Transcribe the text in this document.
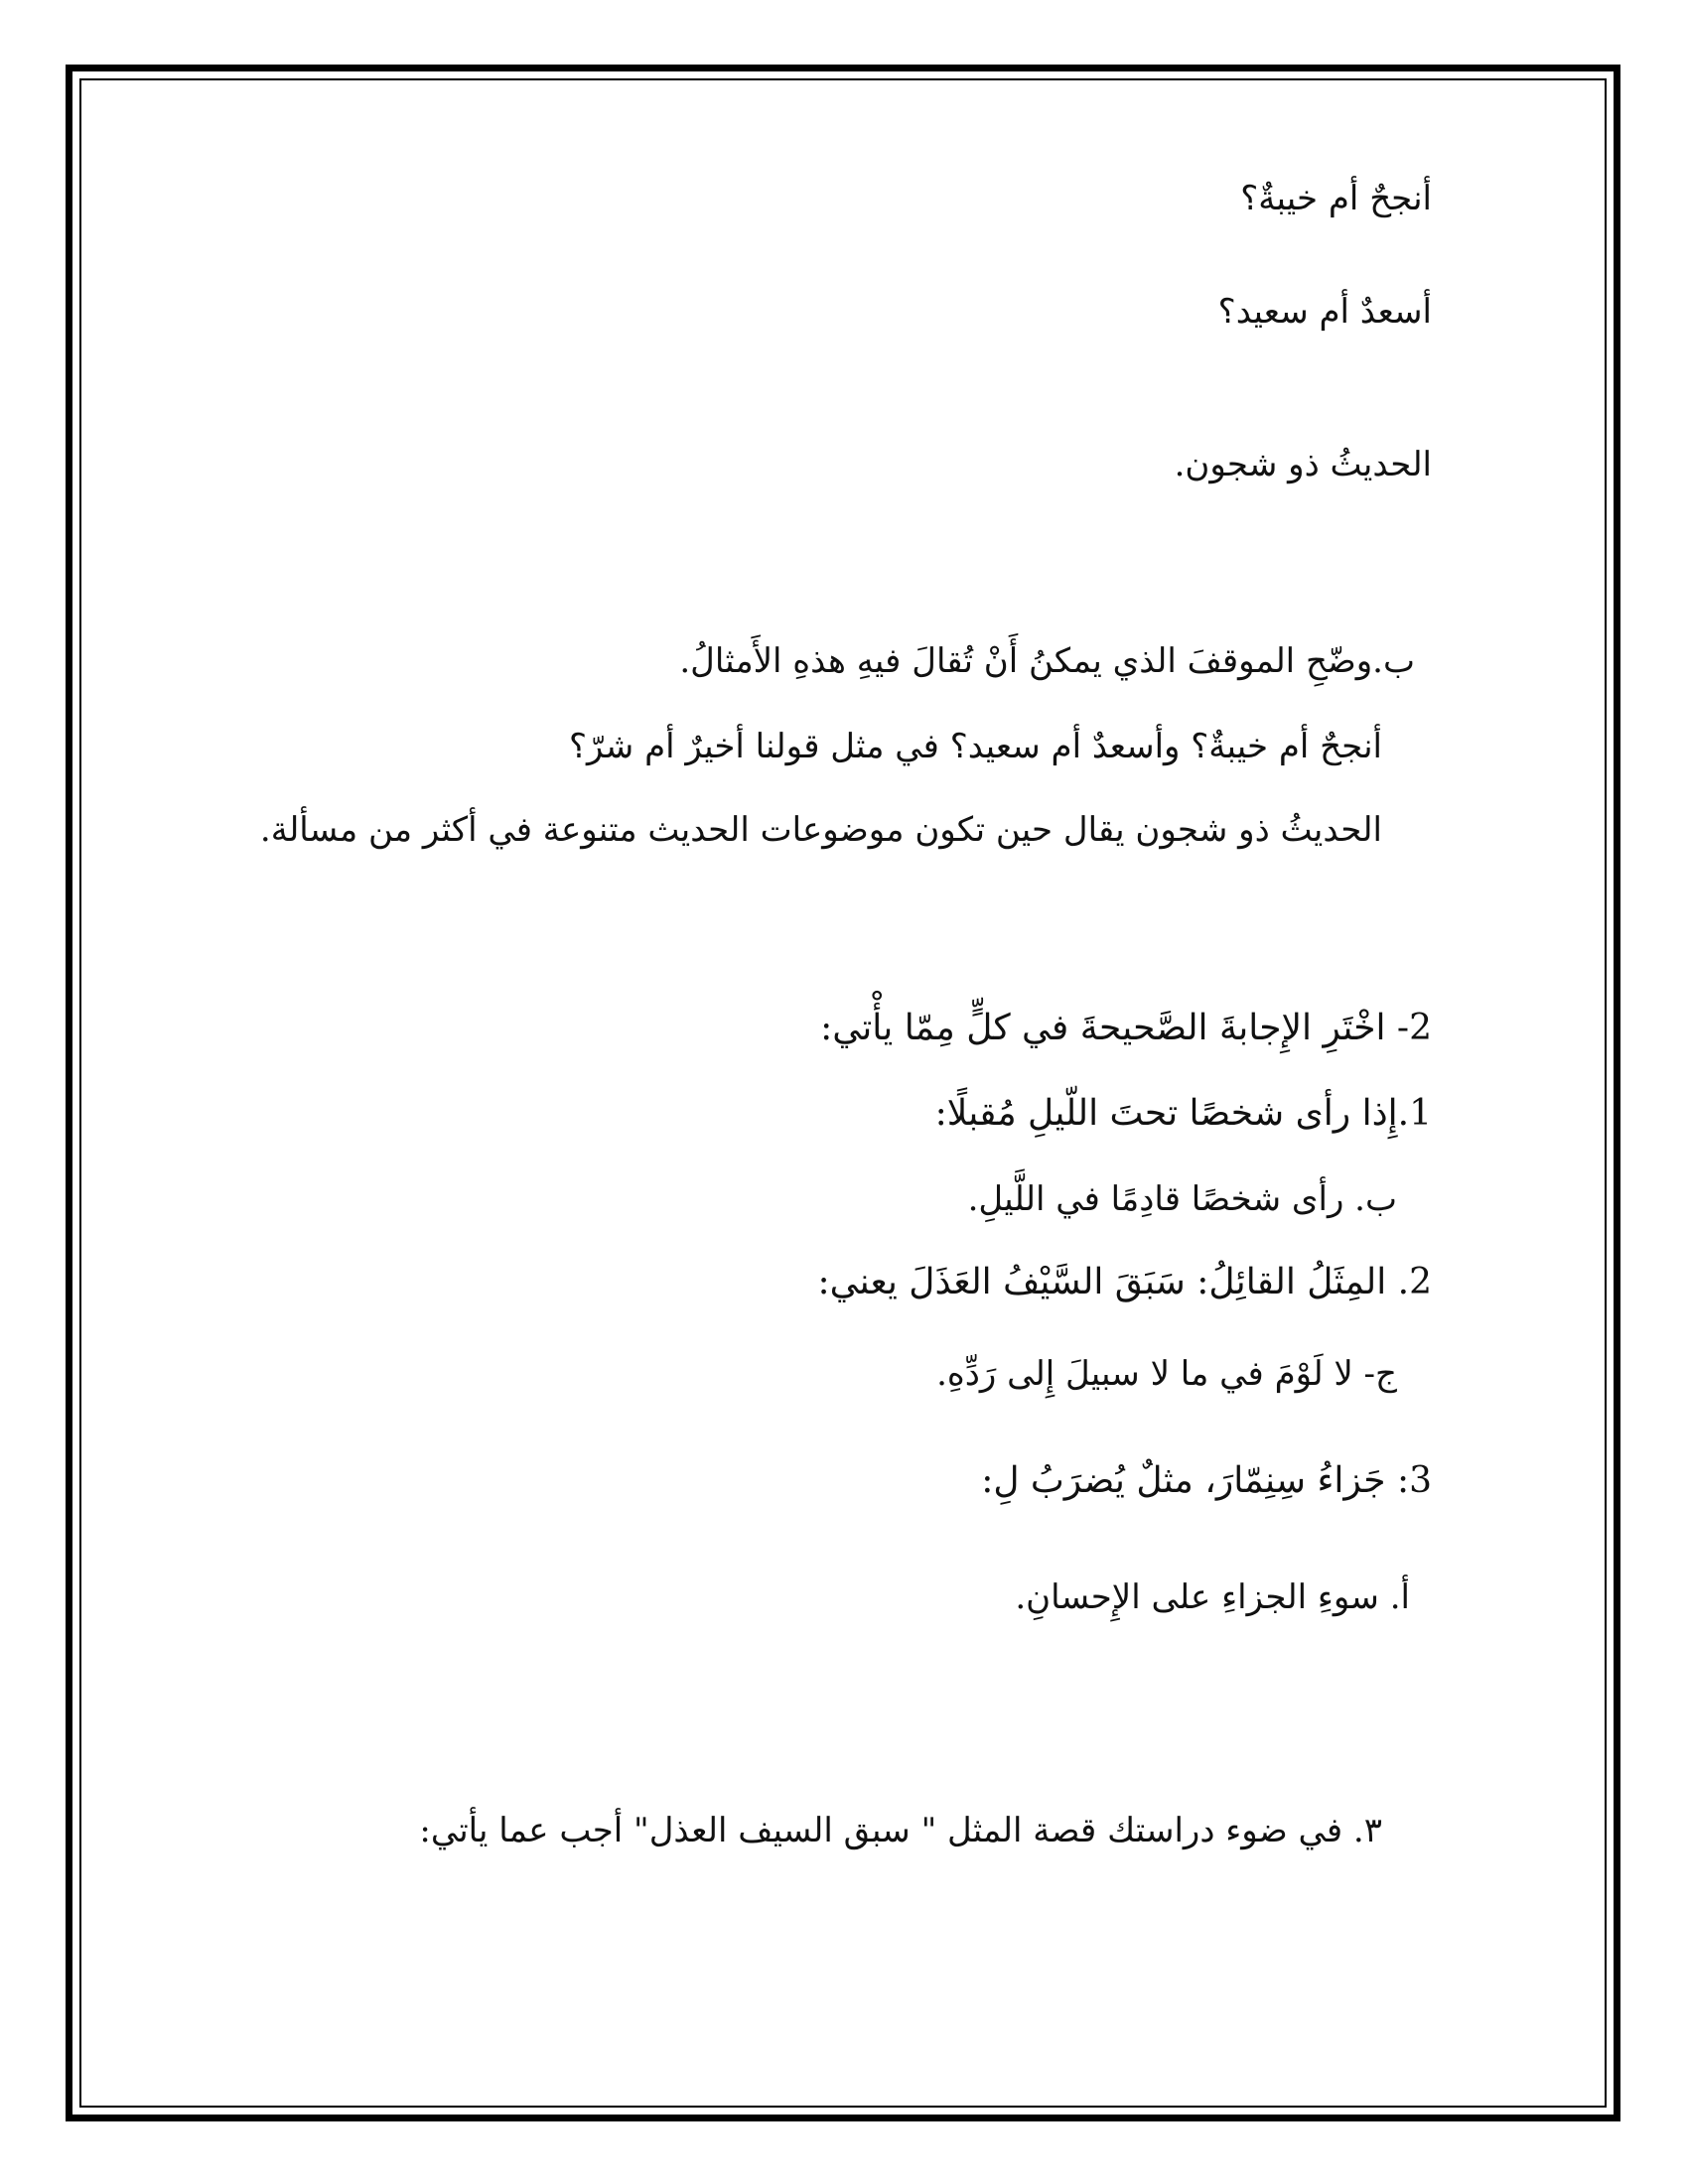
أنجحٌ أم خيبةٌ؟
أسعدٌ أم سعيد؟
الحديثُ ذو شجون.
ب.وضّحِ الموقفَ الذي يمكنُ أَنْ تُقالَ فيهِ هذهِ الأَمثالُ.
أنجحٌ أم خيبةٌ؟ وأسعدٌ أم سعيد؟ في مثل قولنا أخيرٌ أم شرّ؟
الحديثُ ذو شجون يقال حين تكون موضوعات الحديث متنوعة في أكثر من مسألة.
2- اخْتَرِ الإِجابةَ الصَّحيحةَ في كلٍّ مِمّا يأْتي:
1.إِذا رأى شخصًا تحتَ اللّيلِ مُقبلًا:
ب. رأى شخصًا قادِمًا في اللَّيلِ.
2. المِثَلُ القائِلُ: سَبَقَ السَّيْفُ العَذَلَ يعني:
ج- لا لَوْمَ في ما لا سبيلَ إِلى رَدِّهِ.
3: جَزاءُ سِنِمّارَ، مثلٌ يُضرَبُ لِ:
أ. سوءِ الجزاءِ على الإِحسانِ.
٣. في ضوء دراستك قصة المثل " سبق السيف العذل" أجب عما يأتي:
